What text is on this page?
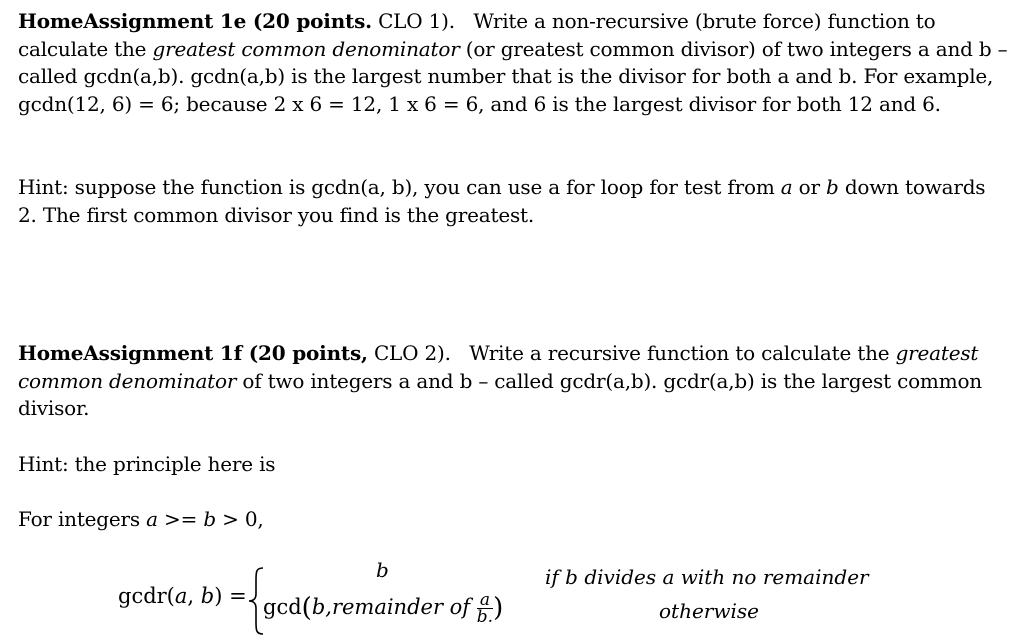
HomeAssignment 1e (20 points. CLO 1). Write a non-recursive (brute force) function to calculate the greatest common denominator (or greatest common divisor) of two integers a and b – called gcdn(a,b). gcdn(a,b) is the largest number that is the divisor for both a and b. For example, gcdn(12, 6) = 6; because 2 x 6 = 12, 1 x 6 = 6, and 6 is the largest divisor for both 12 and 6.

Hint: suppose the function is gcdn(a, b), you can use a for loop for test from a or b down towards 2. The first common divisor you find is the greatest.

HomeAssignment 1f (20 points, CLO 2). Write a recursive function to calculate the greatest common denominator of two integers a and b – called gcdr(a,b). gcdr(a,b) is the largest common divisor.

Hint: the principle here is

For integers a >= b > 0,

gcdr(a, b) =
b
gcd(b,remainder of $\frac{a}{b.}$ )
if b divides a with no remainder
otherwise
